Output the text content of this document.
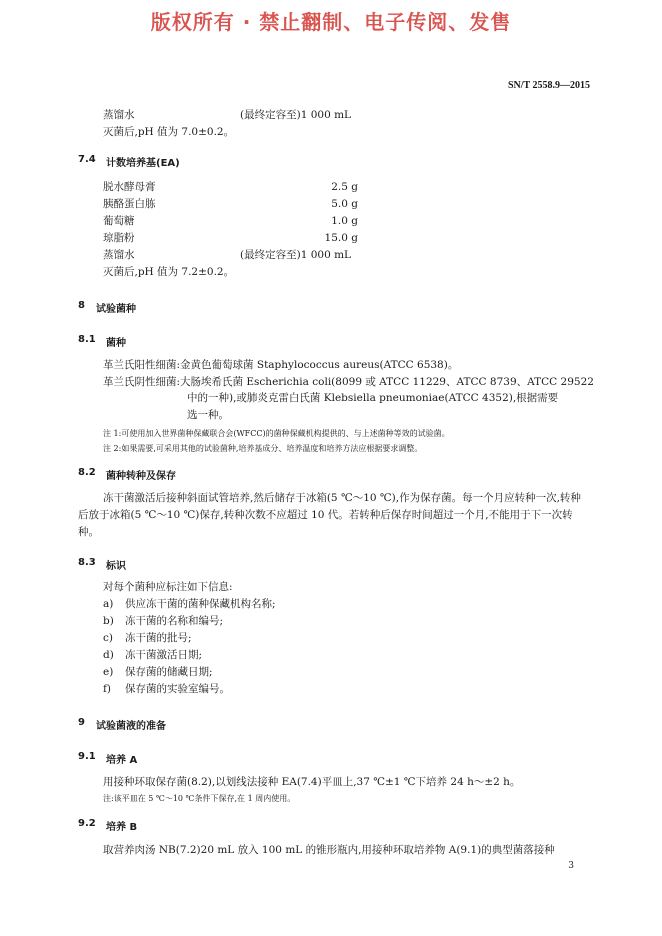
版权所有 · 禁止翻制、电子传阅、发售
SN/T 2558.9—2015
蒸馏水	(最终定容至)1 000 mL
灭菌后,pH 值为 7.0±0.2。
7.4 计数培养基(EA)
脱水酵母膏	2.5 g
胰酪蛋白胨	5.0 g
葡萄糖	1.0 g
琼脂粉	15.0 g
蒸馏水	(最终定容至)1 000 mL
灭菌后,pH 值为 7.2±0.2。
8 试验菌种
8.1 菌种
革兰氏阳性细菌:金黄色葡萄球菌 Staphylococcus aureus(ATCC 6538)。
革兰氏阴性细菌:大肠埃希氏菌 Escherichia coli(8099 或 ATCC 11229、ATCC 8739、ATCC 29522
中的一种),或肺炎克雷白氏菌 Klebsiella pneumoniae(ATCC 4352),根据需要
选一种。
注 1:可使用加入世界菌种保藏联合会(WFCC)的菌种保藏机构提供的、与上述菌种等效的试验菌。
注 2:如果需要,可采用其他的试验菌种,培养基成分、培养温度和培养方法应根据要求调整。
8.2 菌种转种及保存
冻干菌激活后接种斜面试管培养,然后储存于冰箱(5 ℃～10 ℃),作为保存菌。每一个月应转种一次,转种后放于冰箱(5 ℃～10 ℃)保存,转种次数不应超过 10 代。若转种后保存时间超过一个月,不能用于下一次转种。
8.3 标识
对每个菌种应标注如下信息:
a) 供应冻干菌的菌种保藏机构名称;
b) 冻干菌的名称和编号;
c) 冻干菌的批号;
d) 冻干菌激活日期;
e) 保存菌的储藏日期;
f) 保存菌的实验室编号。
9 试验菌液的准备
9.1 培养 A
用接种环取保存菌(8.2),以划线法接种 EA(7.4)平皿上,37 ℃±1 ℃下培养 24 h～±2 h。
注:该平皿在 5 ℃～10 ℃条件下保存,在 1 周内使用。
9.2 培养 B
取营养肉汤 NB(7.2)20 mL 放入 100 mL 的锥形瓶内,用接种环取培养物 A(9.1)的典型菌落接种
3
